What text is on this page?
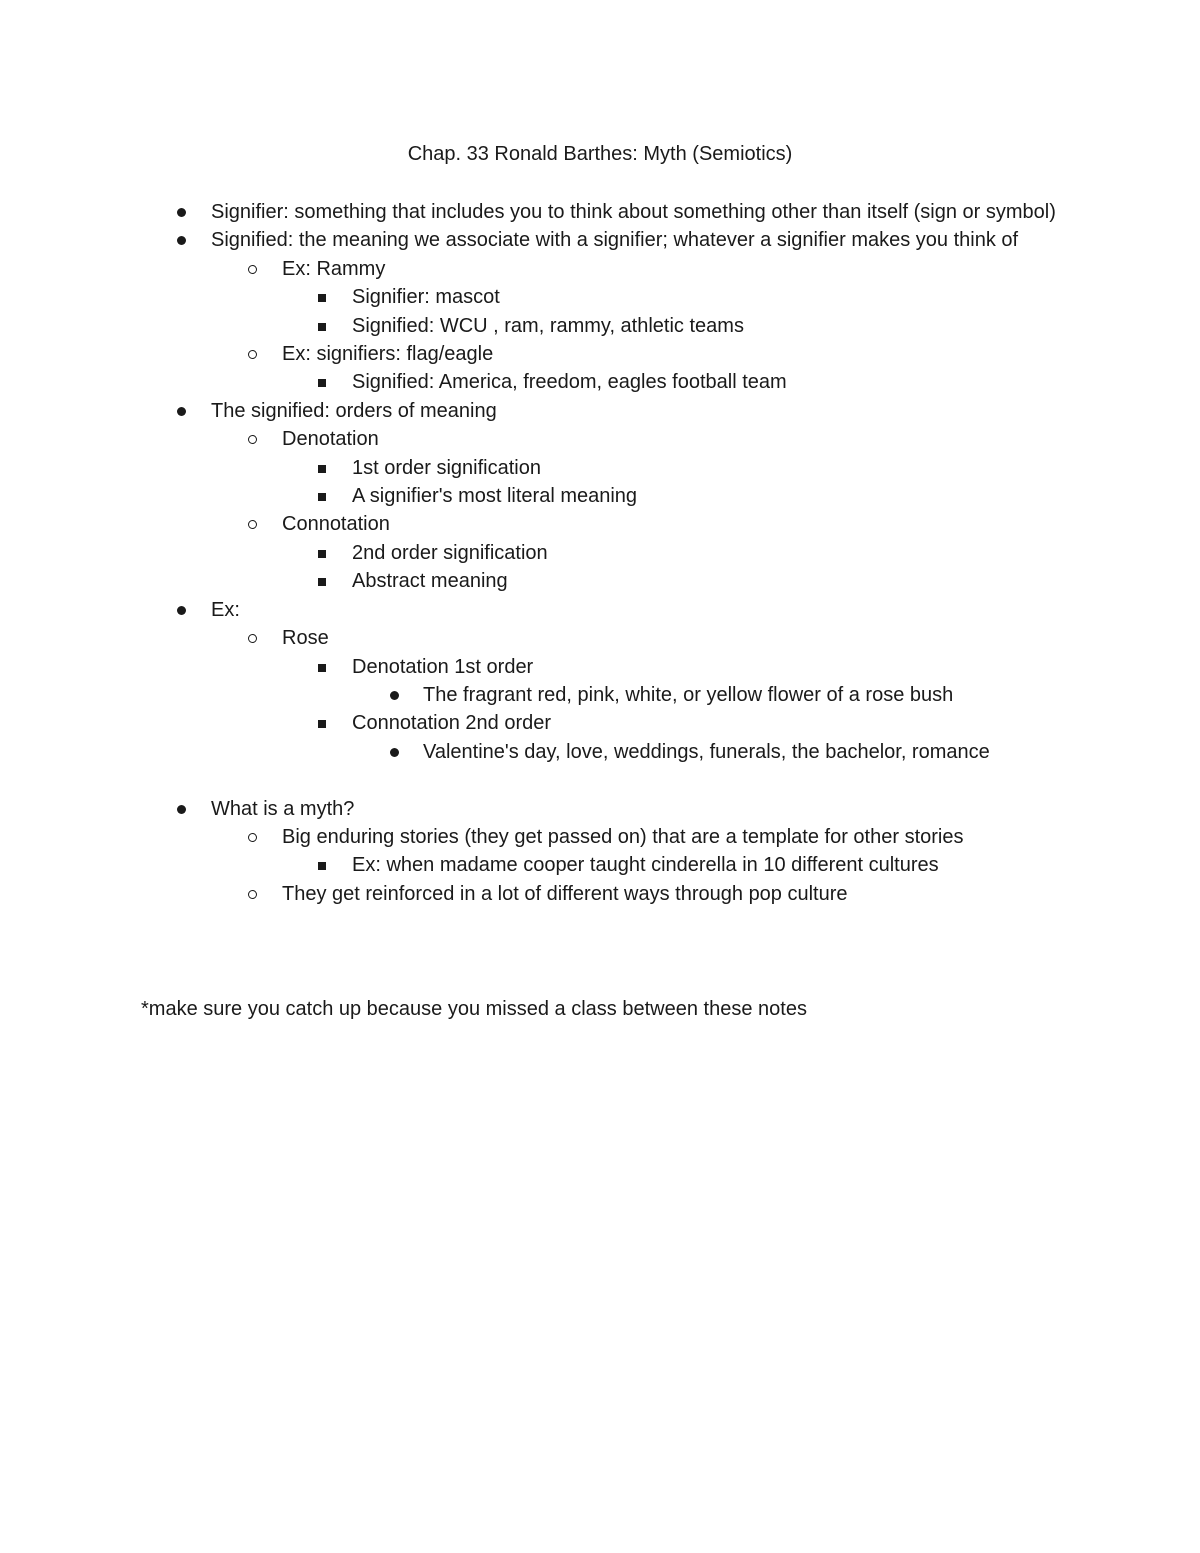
Chap. 33 Ronald Barthes: Myth (Semiotics)
Signifier: something that includes you to think about something other than itself (sign or symbol)
Signified: the meaning we associate with a signifier; whatever a signifier makes you think of
Ex: Rammy
Signifier: mascot
Signified: WCU , ram, rammy, athletic teams
Ex: signifiers: flag/eagle
Signified: America, freedom, eagles football team
The signified: orders of meaning
Denotation
1st order signification
A signifier's most literal meaning
Connotation
2nd order signification
Abstract meaning
Ex:
Rose
Denotation 1st order
The fragrant red, pink, white, or yellow flower of a rose bush
Connotation 2nd order
Valentine's day, love, weddings, funerals, the bachelor, romance
What is a myth?
Big enduring stories (they get passed on) that are a template for other stories
Ex: when madame cooper taught cinderella in 10 different cultures
They get reinforced in a lot of different ways through pop culture
*make sure you catch up because you missed a class between these notes
